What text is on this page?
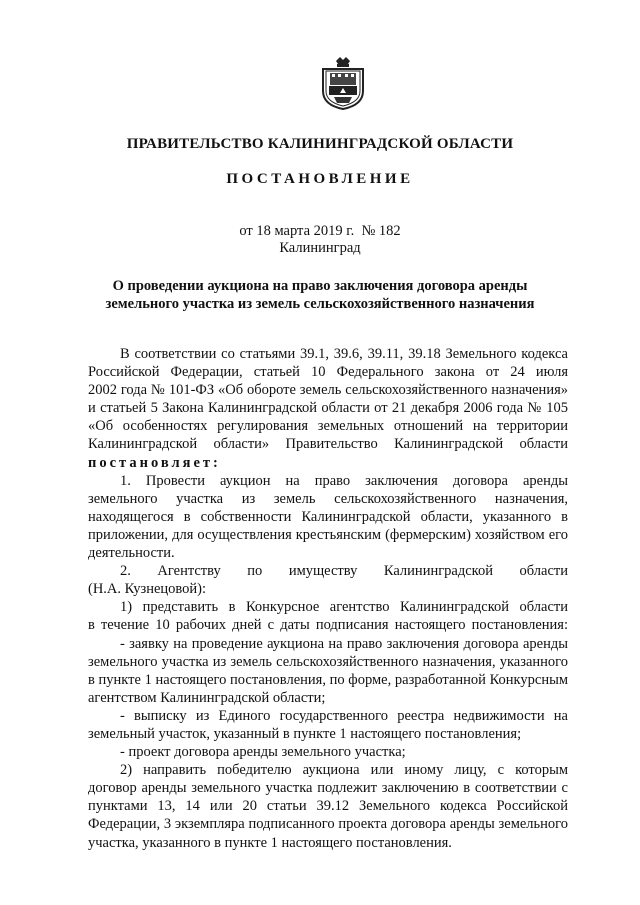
ПРАВИТЕЛЬСТВО КАЛИНИНГРАДСКОЙ ОБЛАСТИ
ПОСТАНОВЛЕНИЕ
от 18 марта 2019 г. № 182
Калининград
О проведении аукциона на право заключения договора аренды
земельного участка из земель сельскохозяйственного назначения
В соответствии со статьями 39.1, 39.6, 39.11, 39.18 Земельного кодекса
Российской Федерации, статьей 10 Федерального закона от 24 июля
2002 года № 101-ФЗ «Об обороте земель сельскохозяйственного назначения»
и статьей 5 Закона Калининградской области от 21 декабря 2006 года № 105
«Об особенностях регулирования земельных отношений на территории
Калининградской области» Правительство Калининградской области
постановляет:
1. Провести аукцион на право заключения договора аренды
земельного участка из земель сельскохозяйственного назначения,
находящегося в собственности Калининградской области, указанного в
приложении, для осуществления крестьянским (фермерским) хозяйством его
деятельности.
2. Агентству по имуществу Калининградской области
(Н.А. Кузнецовой):
1) представить в Конкурсное агентство Калининградской области
в течение 10 рабочих дней с даты подписания настоящего постановления:
- заявку на проведение аукциона на право заключения договора аренды
земельного участка из земель сельскохозяйственного назначения, указанного
в пункте 1 настоящего постановления, по форме, разработанной Конкурсным
агентством Калининградской области;
- выписку из Единого государственного реестра недвижимости на
земельный участок, указанный в пункте 1 настоящего постановления;
- проект договора аренды земельного участка;
2) направить победителю аукциона или иному лицу, с которым
договор аренды земельного участка подлежит заключению в соответствии с
пунктами 13, 14 или 20 статьи 39.12 Земельного кодекса Российской
Федерации, 3 экземпляра подписанного проекта договора аренды земельного
участка, указанного в пункте 1 настоящего постановления.
